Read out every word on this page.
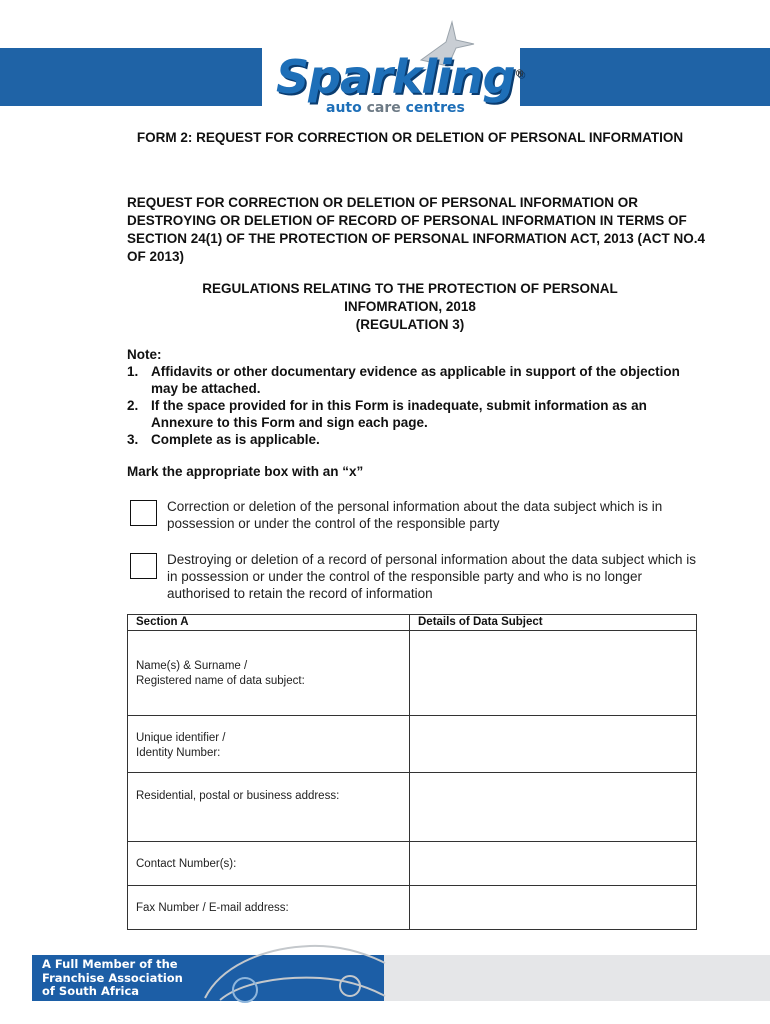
Sparkling®
auto care centres
FORM 2: REQUEST FOR CORRECTION OR DELETION OF PERSONAL INFORMATION
REQUEST FOR CORRECTION OR DELETION OF PERSONAL INFORMATION OR DESTROYING OR DELETION OF RECORD OF PERSONAL INFORMATION IN TERMS OF SECTION 24(1) OF THE PROTECTION OF PERSONAL INFORMATION ACT, 2013 (ACT NO.4 OF 2013)
REGULATIONS RELATING TO THE PROTECTION OF PERSONAL
INFOMRATION, 2018
(REGULATION 3)
Note:
1. Affidavits or other documentary evidence as applicable in support of the objection may be attached.
2. If the space provided for in this Form is inadequate, submit information as an Annexure to this Form and sign each page.
3. Complete as is applicable.
Mark the appropriate box with an “x”
Correction or deletion of the personal information about the data subject which is in possession or under the control of the responsible party
Destroying or deletion of a record of personal information about the data subject which is in possession or under the control of the responsible party and who is no longer authorised to retain the record of information
Section A	Details of Data Subject

Name(s) & Surname /
Registered name of data subject:	

Unique identifier /
Identity Number:	

Residential, postal or business address:	

Contact Number(s):	

Fax Number / E-mail address:	

A Full Member of the
Franchise Association
of South Africa
